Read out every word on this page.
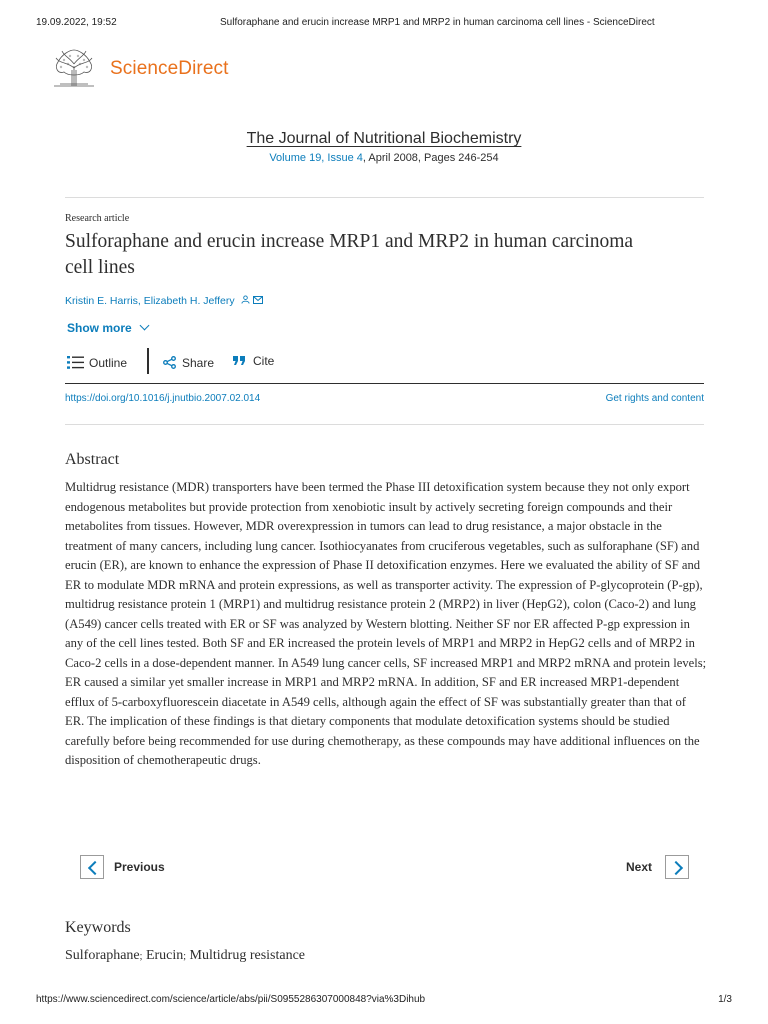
19.09.2022, 19:52	Sulforaphane and erucin increase MRP1 and MRP2 in human carcinoma cell lines - ScienceDirect
ScienceDirect
The Journal of Nutritional Biochemistry
Volume 19, Issue 4, April 2008, Pages 246-254
Research article
Sulforaphane and erucin increase MRP1 and MRP2 in human carcinoma cell lines
Kristin E. Harris, Elizabeth H. Jeffery
Show more
Outline	Share	Cite
https://doi.org/10.1016/j.jnutbio.2007.02.014	Get rights and content
Abstract
Multidrug resistance (MDR) transporters have been termed the Phase III detoxification system because they not only export endogenous metabolites but provide protection from xenobiotic insult by actively secreting foreign compounds and their metabolites from tissues. However, MDR overexpression in tumors can lead to drug resistance, a major obstacle in the treatment of many cancers, including lung cancer. Isothiocyanates from cruciferous vegetables, such as sulforaphane (SF) and erucin (ER), are known to enhance the expression of Phase II detoxification enzymes. Here we evaluated the ability of SF and ER to modulate MDR mRNA and protein expressions, as well as transporter activity. The expression of P-glycoprotein (P-gp), multidrug resistance protein 1 (MRP1) and multidrug resistance protein 2 (MRP2) in liver (HepG2), colon (Caco-2) and lung (A549) cancer cells treated with ER or SF was analyzed by Western blotting. Neither SF nor ER affected P-gp expression in any of the cell lines tested. Both SF and ER increased the protein levels of MRP1 and MRP2 in HepG2 cells and of MRP2 in Caco-2 cells in a dose-dependent manner. In A549 lung cancer cells, SF increased MRP1 and MRP2 mRNA and protein levels; ER caused a similar yet smaller increase in MRP1 and MRP2 mRNA. In addition, SF and ER increased MRP1-dependent efflux of 5-carboxyfluorescein diacetate in A549 cells, although again the effect of SF was substantially greater than that of ER. The implication of these findings is that dietary components that modulate detoxification systems should be studied carefully before being recommended for use during chemotherapy, as these compounds may have additional influences on the disposition of chemotherapeutic drugs.
Previous	Next
Keywords
Sulforaphane; Erucin; Multidrug resistance
https://www.sciencedirect.com/science/article/abs/pii/S0955286307000848?via%3Dihub	1/3
